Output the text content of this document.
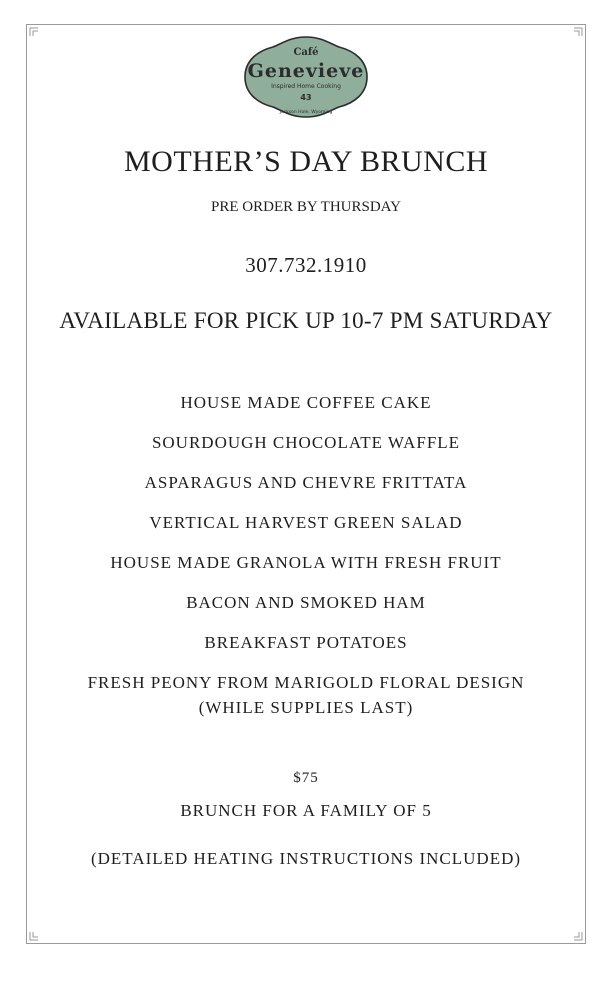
Café
Genevieve
Inspired Home Cooking
43
Jackson Hole, Wyoming
MOTHER’S DAY BRUNCH
PRE ORDER BY THURSDAY
307.732.1910
AVAILABLE FOR PICK UP 10-7 PM SATURDAY
HOUSE MADE COFFEE CAKE
SOURDOUGH CHOCOLATE WAFFLE
ASPARAGUS AND CHEVRE FRITTATA
VERTICAL HARVEST GREEN SALAD
HOUSE MADE GRANOLA WITH FRESH FRUIT
BACON AND SMOKED HAM
BREAKFAST POTATOES
FRESH PEONY FROM MARIGOLD FLORAL DESIGN
(WHILE SUPPLIES LAST)
$75
BRUNCH FOR A FAMILY OF 5
(DETAILED HEATING INSTRUCTIONS INCLUDED)
